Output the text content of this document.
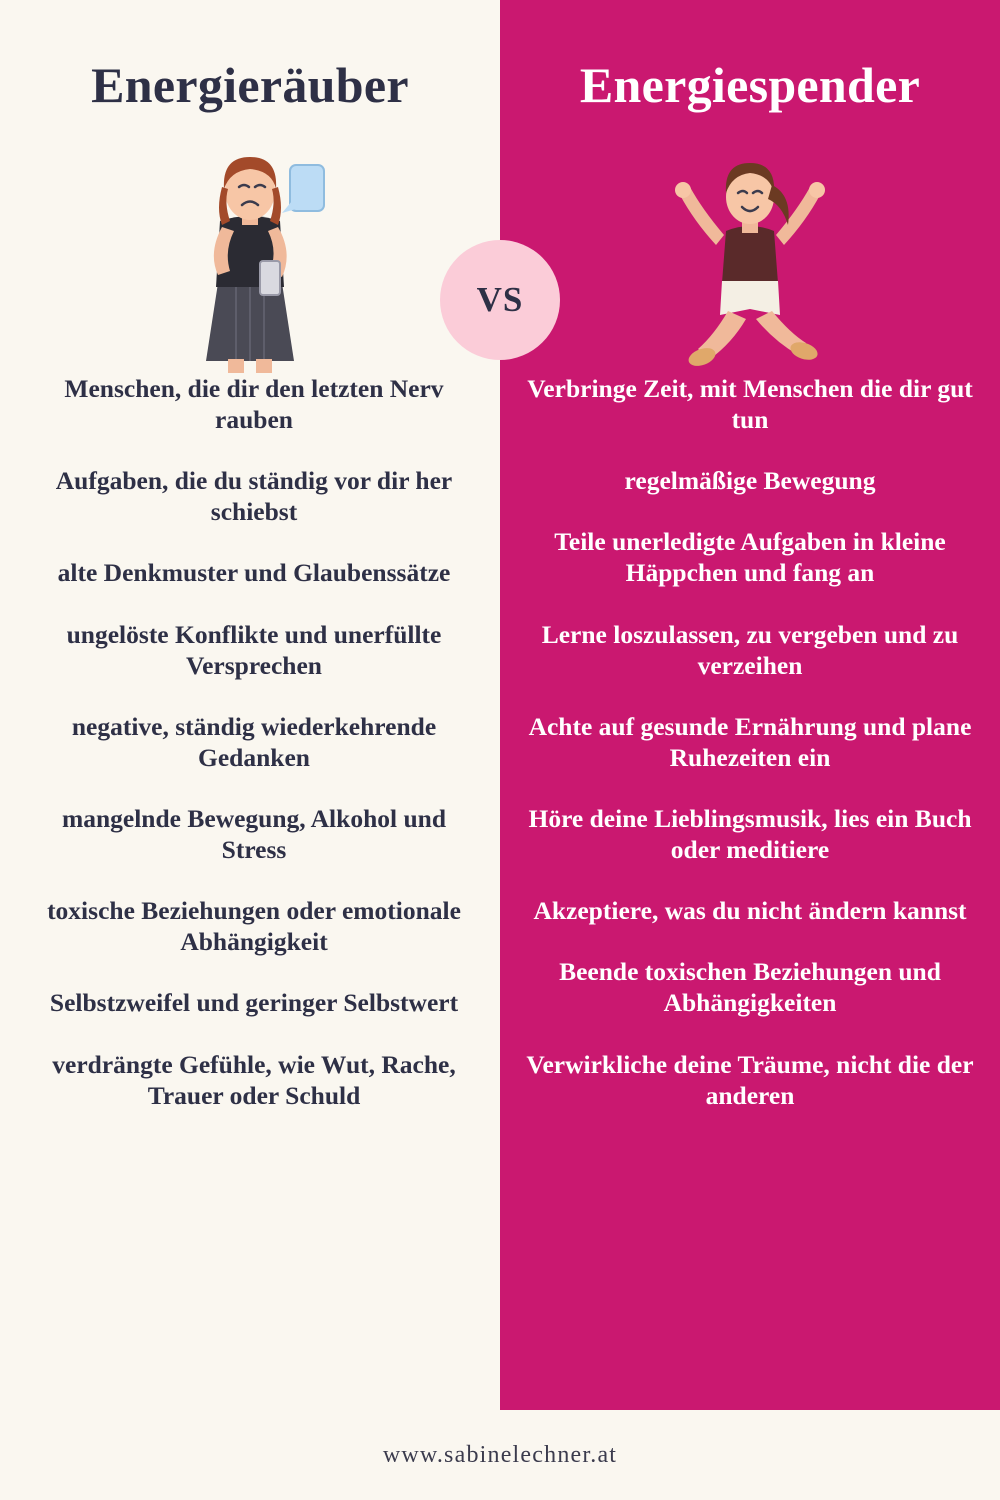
Energieräuber
Menschen, die dir den letzten Nerv rauben
Aufgaben, die du ständig vor dir her schiebst
alte Denkmuster und Glaubenssätze
ungelöste Konflikte und unerfüllte Versprechen
negative, ständig wiederkehrende Gedanken
mangelnde Bewegung, Alkohol und Stress
toxische Beziehungen oder emotionale Abhängigkeit
Selbstzweifel und geringer Selbstwert
verdrängte Gefühle, wie Wut, Rache, Trauer oder Schuld
Energiespender
Verbringe Zeit, mit Menschen die dir gut tun
regelmäßige Bewegung
Teile unerledigte Aufgaben in kleine Häppchen und fang an
Lerne loszulassen, zu vergeben und zu verzeihen
Achte auf gesunde Ernährung und plane Ruhezeiten ein
Höre deine Lieblingsmusik, lies ein Buch oder meditiere
Akzeptiere, was du nicht ändern kannst
Beende toxischen Beziehungen und Abhängigkeiten
Verwirkliche deine Träume, nicht die der anderen
VS
www.sabinelechner.at
